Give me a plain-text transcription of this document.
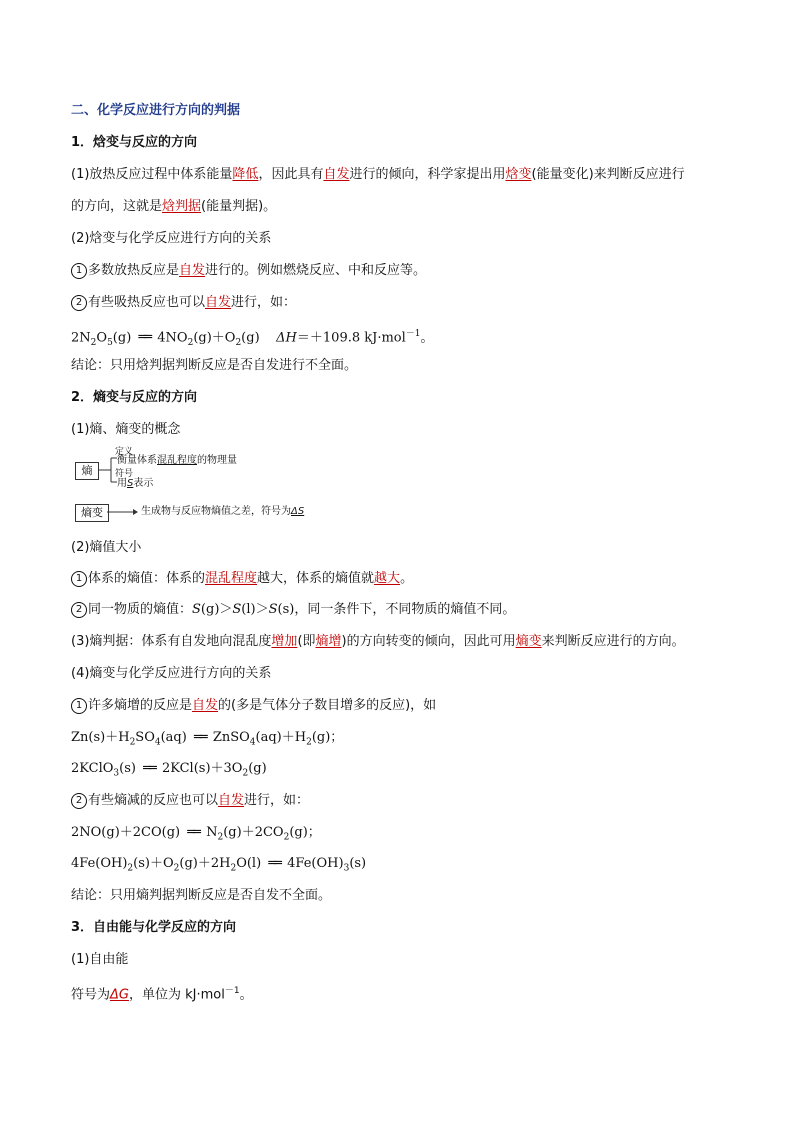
二、化学反应进行方向的判据
1．焓变与反应的方向
(1)放热反应过程中体系能量降低，因此具有自发进行的倾向，科学家提出用焓变(能量变化)来判断反应进行
的方向，这就是焓判据(能量判据)。
(2)焓变与化学反应进行方向的关系
1 多数放热反应是自发进行的。例如燃烧反应、中和反应等。
2 有些吸热反应也可以自发进行，如：
$2N_2O_5(g)$ ══ $4NO_2(g)+O_2(g)$    ΔH＝＋109.8 kJ·mol$^{-1}$。
结论：只用焓判据判断反应是否自发进行不全面。
2．熵变与反应的方向
(1)熵、熵变的概念
熵
定义
衡量体系混乱程度的物理量
符号
用S表示
熵变	生成物与反应物熵值之差，符号为ΔS
(2)熵值大小
1 体系的熵值：体系的混乱程度越大，体系的熵值就越大。
2 同一物质的熵值：S(g)＞S(l)＞S(s)，同一条件下，不同物质的熵值不同。
(3)熵判据：体系有自发地向混乱度增加(即熵增)的方向转变的倾向，因此可用熵变来判断反应进行的方向。
(4)熵变与化学反应进行方向的关系
1 许多熵增的反应是自发的(多是气体分子数目增多的反应)，如
$Zn(s)+H_2SO_4(aq)$ ══ $ZnSO_4(aq)+H_2(g)$；
2KClO$_3$(s) ══ $2KCl(s)+3O_2(g)$
2 有些熵减的反应也可以自发进行，如：
2NO(g)＋2CO(g) ══ $N_2(g)+2CO_2(g)$；
$4Fe(OH)_2(s)+O_2(g)+2H_2O(l)$ ══ $4Fe(OH)_3(s)$
结论：只用熵判据判断反应是否自发不全面。
3．自由能与化学反应的方向
(1)自由能
符号为ΔG，单位为 kJ·mol$^{-1}$。
